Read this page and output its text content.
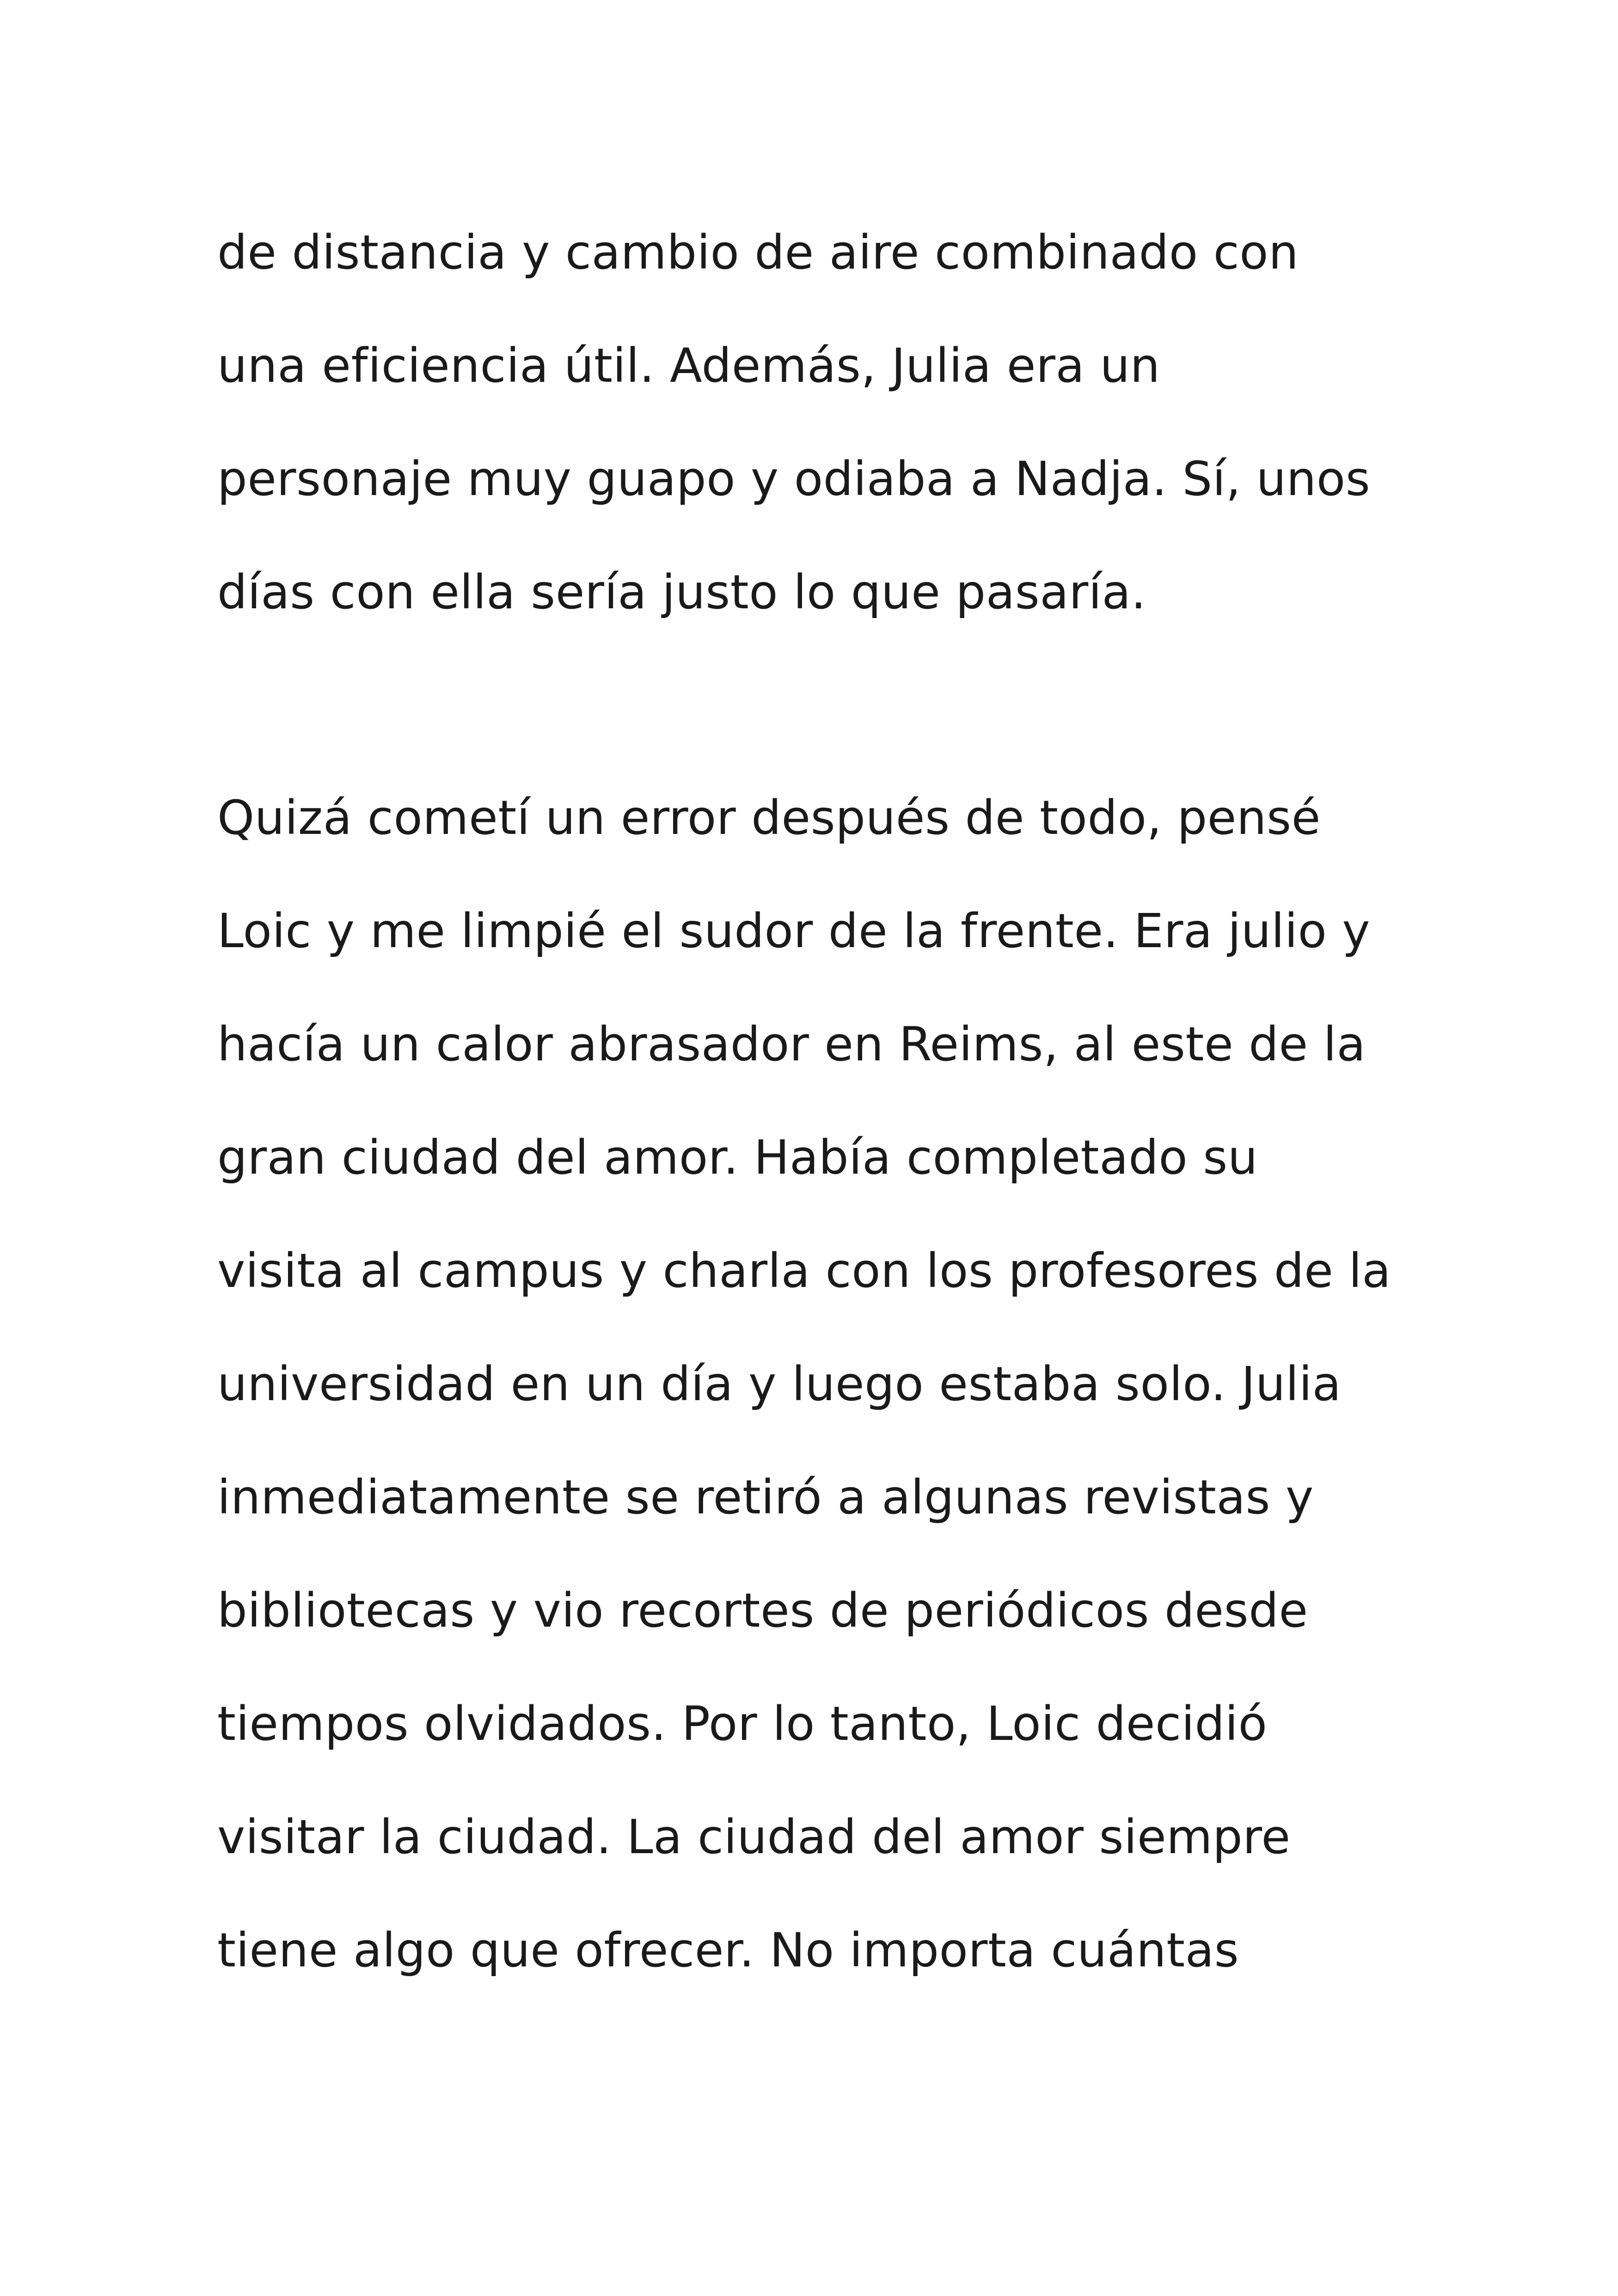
de distancia y cambio de aire combinado con
una eficiencia útil. Además, Julia era un
personaje muy guapo y odiaba a Nadja. Sí, unos
días con ella sería justo lo que pasaría.

Quizá cometí un error después de todo, pensé
Loic y me limpié el sudor de la frente. Era julio y
hacía un calor abrasador en Reims, al este de la
gran ciudad del amor. Había completado su
visita al campus y charla con los profesores de la
universidad en un día y luego estaba solo. Julia
inmediatamente se retiró a algunas revistas y
bibliotecas y vio recortes de periódicos desde
tiempos olvidados. Por lo tanto, Loic decidió
visitar la ciudad. La ciudad del amor siempre
tiene algo que ofrecer. No importa cuántas
